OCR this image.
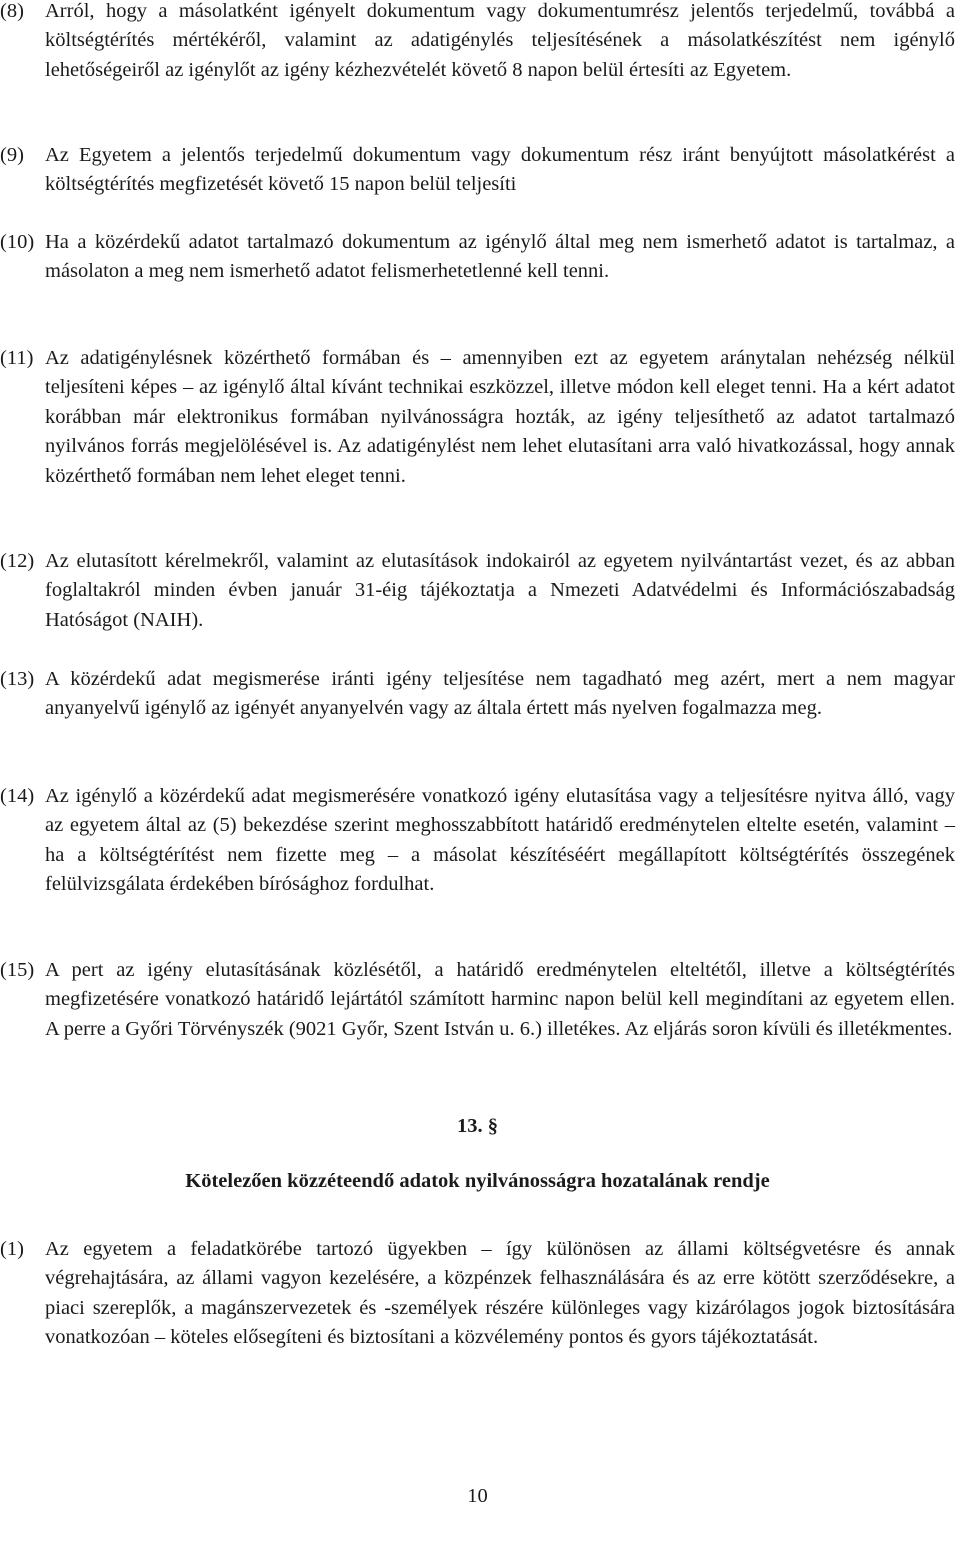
(8) Arról, hogy a másolatként igényelt dokumentum vagy dokumentumrész jelentős terjedelmű, továbbá a költségtérítés mértékéről, valamint az adatigénylés teljesítésének a másolatkészítést nem igénylő lehetőségeiről az igénylőt az igény kézhezvételét követő 8 napon belül értesíti az Egyetem.
(9) Az Egyetem a jelentős terjedelmű dokumentum vagy dokumentum rész iránt benyújtott másolatkérést a költségtérítés megfizetését követő 15 napon belül teljesíti
(10) Ha a közérdekű adatot tartalmazó dokumentum az igénylő által meg nem ismerhető adatot is tartalmaz, a másolaton a meg nem ismerhető adatot felismerhetetlenné kell tenni.
(11) Az adatigénylésnek közérthető formában és – amennyiben ezt az egyetem aránytalan nehézség nélkül teljesíteni képes – az igénylő által kívánt technikai eszközzel, illetve módon kell eleget tenni. Ha a kért adatot korábban már elektronikus formában nyilvánosságra hozták, az igény teljesíthető az adatot tartalmazó nyilvános forrás megjelölésével is. Az adatigénylést nem lehet elutasítani arra való hivatkozással, hogy annak közérthető formában nem lehet eleget tenni.
(12) Az elutasított kérelmekről, valamint az elutasítások indokairól az egyetem nyilvántartást vezet, és az abban foglaltakról minden évben január 31-éig tájékoztatja a Nmezeti Adatvédelmi és Információszabadság Hatóságot (NAIH).
(13) A közérdekű adat megismerése iránti igény teljesítése nem tagadható meg azért, mert a nem magyar anyanyelvű igénylő az igényét anyanyelvén vagy az általa értett más nyelven fogalmazza meg.
(14) Az igénylő a közérdekű adat megismerésére vonatkozó igény elutasítása vagy a teljesítésre nyitva álló, vagy az egyetem által az (5) bekezdése szerint meghosszabbított határidő eredménytelen eltelte esetén, valamint – ha a költségtérítést nem fizette meg – a másolat készítéséért megállapított költségtérítés összegének felülvizsgálata érdekében bírósághoz fordulhat.
(15) A pert az igény elutasításának közlésétől, a határidő eredménytelen elteltétől, illetve a költségtérítés megfizetésére vonatkozó határidő lejártától számított harminc napon belül kell megindítani az egyetem ellen. A perre a Győri Törvényszék (9021 Győr, Szent István u. 6.) illetékes. Az eljárás soron kívüli és illetékmentes.
13. §
Kötelezően közzéteendő adatok nyilvánosságra hozatalának rendje
(1) Az egyetem a feladatkörébe tartozó ügyekben – így különösen az állami költségvetésre és annak végrehajtására, az állami vagyon kezelésére, a közpénzek felhasználására és az erre kötött szerződésekre, a piaci szereplők, a magánszervezetek és -személyek részére különleges vagy kizárólagos jogok biztosítására vonatkozóan – köteles elősegíteni és biztosítani a közvélemény pontos és gyors tájékoztatását.
10
